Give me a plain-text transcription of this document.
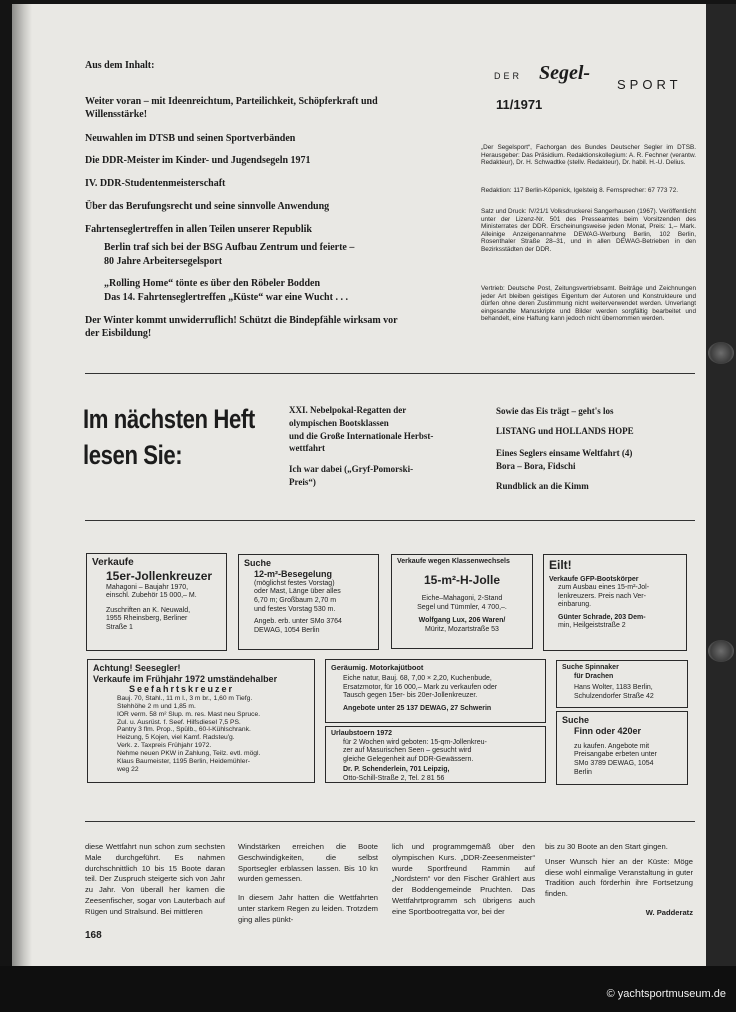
Aus dem Inhalt:
DER Segel-
SPORT
11/1971
Weiter voran – mit Ideenreichtum, Parteilichkeit, Schöpferkraft und
Willensstärke!
Neuwahlen im DTSB und seinen Sportverbänden
Die DDR-Meister im Kinder- und Jugendsegeln 1971
IV. DDR-Studentenmeisterschaft
Über das Berufungsrecht und seine sinnvolle Anwendung
Fahrtenseglertreffen in allen Teilen unserer Republik
Berlin traf sich bei der BSG Aufbau Zentrum und feierte –
80 Jahre Arbeitersegelsport
„Rolling Home“ tönte es über den Röbeler Bodden
Das 14. Fahrtenseglertreffen „Küste“ war eine Wucht . . .
Der Winter kommt unwiderruflich! Schützt die Bindepfähle wirksam vor
der Eisbildung!
„Der Segelsport“, Fachorgan des Bundes Deutscher Segler im DTSB. Herausgeber: Das Präsidium. Redaktionskollegium: A. R. Fechner (verantw. Redakteur), Dr. H. Schwadtke (stellv. Redakteur), Dr. habil. H.-U. Delius.
Redaktion: 117 Berlin-Köpenick, Igelsteig 8. Fernsprecher: 67 773 72.
Satz und Druck: IV/21/1 Volksdruckerei Sangerhausen (1967). Veröffentlicht unter der Lizenz-Nr. 501 des Presseamtes beim Vorsitzenden des Ministerrates der DDR. Erscheinungsweise jeden Monat, Preis: 1,– Mark. Alleinige Anzeigenannahme DEWAG-Werbung Berlin, 102 Berlin, Rosenthaler Straße 28–31, und in allen DEWAG-Betrieben in den Bezirksstädten der DDR.
Vertrieb: Deutsche Post, Zeitungsvertriebsamt. Beiträge und Zeichnungen jeder Art bleiben geistiges Eigentum der Autoren und Konstrukteure und dürfen ohne deren Zustimmung nicht weiterverwendet werden. Unverlangt eingesandte Manuskripte und Bilder werden sorgfältig bearbeitet und behandelt, eine Haftung kann jedoch nicht übernommen werden.
Im nächsten Heft
lesen Sie:
XXI. Nebelpokal-Regatten der
olympischen Bootsklassen
und die Große Internationale Herbst-
wettfahrt
Ich war dabei („Gryf-Pomorski-
Preis“)
Sowie das Eis trägt – geht's los
LISTANG und HOLLANDS HOPE
Eines Seglers einsame Weltfahrt (4)
Bora – Bora, Fidschi
Rundblick an die Kimm
Verkaufe
15er-Jollenkreuzer
Mahagoni – Baujahr 1970,
einschl. Zubehör 15 000,– M.
Zuschriften an K. Neuwald,
1955 Rheinsberg, Berliner
Straße 1
Suche
12-m²-Besegelung
(möglichst festes Vorstag)
oder Mast, Länge über alles
6,70 m; Großbaum 2,70 m
und festes Vorstag 530 m.
Angeb. erb. unter SMo 3764
DEWAG, 1054 Berlin
Verkaufe wegen Klassenwechsels
15-m²-H-Jolle
Eiche–Mahagoni, 2-Stand
Segel und Tümmler, 4 700,–.
Wolfgang Lux, 206 Waren/
Müritz, Mozartstraße 53
Eilt!
Verkaufe GFP-Bootskörper
zum Ausbau eines 15-m²-Jol-
lenkreuzers. Preis nach Ver-
einbarung.
Günter Schrade, 203 Dem-
min, Heilgeiststraße 2
Achtung! Seesegler!
Verkaufe im Frühjahr 1972 umständehalber
Seefahrtskreuzer
Bauj. 70, Stahl., 11 m l., 3 m br., 1,60 m Tiefg.
Stehhöhe 2 m und 1,85 m.
IOR verm. 58 m² Slup. m. res. Mast neu Spruce.
Zul. u. Ausrüst. f. Seef. Hilfsdiesel 7,5 PS.
Pantry 3 flm. Prop., Spülb., 60-l-Kühlschrank.
Heizung, 5 Kojen, viel Kamf. Radsteu'g.
Verk. z. Taxpreis Frühjahr 1972.
Nehme neuen PKW in Zahlung, Teilz. evtl. mögl.
Klaus Baumeister, 1195 Berlin, Heidemühler-
weg 22
Geräumig. Motorkajütboot
Eiche natur, Bauj. 68, 7,00 × 2,20, Kuchenbude,
Ersatzmotor, für 16 000,– Mark zu verkaufen oder
Tausch gegen 15er- bis 20er-Jollenkreuzer.
Angebote unter 25 137 DEWAG, 27 Schwerin
Urlaubstoern 1972
für 2 Wochen wird geboten: 15-qm-Jollenkreu-
zer auf Masurischen Seen – gesucht wird
gleiche Gelegenheit auf DDR-Gewässern.
Dr. P. Schenderlein, 701 Leipzig,
Otto-Schill-Straße 2, Tel. 2 81 56
Suche Spinnaker
für Drachen
Hans Wolter, 1183 Berlin,
Schulzendorfer Straße 42
Suche
Finn oder 420er
zu kaufen. Angebote mit
Preisangabe erbeten unter
SMo 3789 DEWAG, 1054
Berlin
diese Wettfahrt nun schon zum sechsten Male durchgeführt. Es nahmen durchschnittlich 10 bis 15 Boote daran teil. Der Zuspruch steigerte sich von Jahr zu Jahr. Von überall her kamen die Zeesenfischer, sogar von Lauterbach auf Rügen und Stralsund. Bei mittleren
Windstärken erreichen die Boote Geschwindigkeiten, die selbst Sportsegler erblassen lassen. Bis 10 kn wurden gemessen.
In diesem Jahr hatten die Wettfahrten unter starkem Regen zu leiden. Trotzdem ging alles pünkt-
lich und programmgemäß über den olympischen Kurs. „DDR-Zeesenmeister“ wurde Sportfreund Rammin auf „Nordstern“ vor den Fischer Grählert aus der Boddengemeinde Pruchten. Das Wettfahrtprogramm sch übrigens auch eine Sportbootregatta vor, bei der
bis zu 30 Boote an den Start gingen.
Unser Wunsch hier an der Küste: Möge diese wohl einmalige Veranstaltung in guter Tradition auch förderhin ihre Fortsetzung finden.
W. Padderatz
168
© yachtsportmuseum.de
